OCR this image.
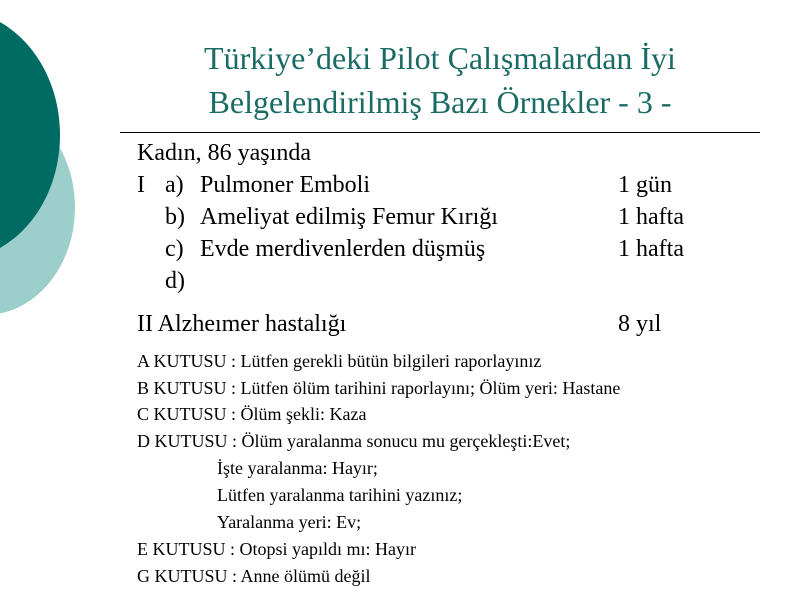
Türkiye’deki Pilot Çalışmalardan İyi
Belgelendirilmiş Bazı Örnekler - 3 -
Kadın, 86 yaşında
I a) Pulmoner Emboli	1 gün
b) Ameliyat edilmiş Femur Kırığı	1 hafta
c) Evde merdivenlerden düşmüş	1 hafta
d)
II Alzheımer hastalığı	8 yıl
A KUTUSU : Lütfen gerekli bütün bilgileri raporlayınız
B KUTUSU : Lütfen ölüm tarihini raporlayını; Ölüm yeri: Hastane
C KUTUSU : Ölüm şekli: Kaza
D KUTUSU : Ölüm yaralanma sonucu mu gerçekleşti:Evet;
İşte yaralanma: Hayır;
Lütfen yaralanma tarihini yazınız;
Yaralanma yeri: Ev;
E KUTUSU : Otopsi yapıldı mı: Hayır
G KUTUSU : Anne ölümü değil
